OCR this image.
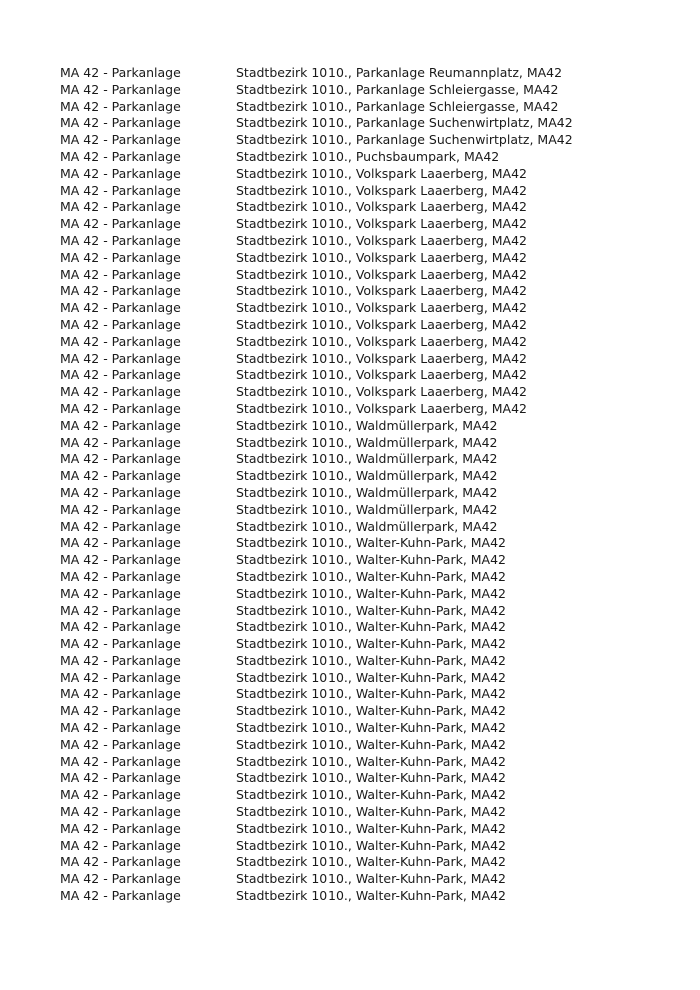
MA 42 - Parkanlage	Stadtbezirk 10 10., Parkanlage Reumannplatz, MA42
MA 42 - Parkanlage	Stadtbezirk 10 10., Parkanlage Schleiergasse, MA42
MA 42 - Parkanlage	Stadtbezirk 10 10., Parkanlage Schleiergasse, MA42
MA 42 - Parkanlage	Stadtbezirk 10 10., Parkanlage Suchenwirtplatz, MA42
MA 42 - Parkanlage	Stadtbezirk 10 10., Parkanlage Suchenwirtplatz, MA42
MA 42 - Parkanlage	Stadtbezirk 10 10., Puchsbaumpark, MA42
MA 42 - Parkanlage	Stadtbezirk 10 10., Volkspark Laaerberg, MA42
MA 42 - Parkanlage	Stadtbezirk 10 10., Volkspark Laaerberg, MA42
MA 42 - Parkanlage	Stadtbezirk 10 10., Volkspark Laaerberg, MA42
MA 42 - Parkanlage	Stadtbezirk 10 10., Volkspark Laaerberg, MA42
MA 42 - Parkanlage	Stadtbezirk 10 10., Volkspark Laaerberg, MA42
MA 42 - Parkanlage	Stadtbezirk 10 10., Volkspark Laaerberg, MA42
MA 42 - Parkanlage	Stadtbezirk 10 10., Volkspark Laaerberg, MA42
MA 42 - Parkanlage	Stadtbezirk 10 10., Volkspark Laaerberg, MA42
MA 42 - Parkanlage	Stadtbezirk 10 10., Volkspark Laaerberg, MA42
MA 42 - Parkanlage	Stadtbezirk 10 10., Volkspark Laaerberg, MA42
MA 42 - Parkanlage	Stadtbezirk 10 10., Volkspark Laaerberg, MA42
MA 42 - Parkanlage	Stadtbezirk 10 10., Volkspark Laaerberg, MA42
MA 42 - Parkanlage	Stadtbezirk 10 10., Volkspark Laaerberg, MA42
MA 42 - Parkanlage	Stadtbezirk 10 10., Volkspark Laaerberg, MA42
MA 42 - Parkanlage	Stadtbezirk 10 10., Volkspark Laaerberg, MA42
MA 42 - Parkanlage	Stadtbezirk 10 10., Waldmüllerpark, MA42
MA 42 - Parkanlage	Stadtbezirk 10 10., Waldmüllerpark, MA42
MA 42 - Parkanlage	Stadtbezirk 10 10., Waldmüllerpark, MA42
MA 42 - Parkanlage	Stadtbezirk 10 10., Waldmüllerpark, MA42
MA 42 - Parkanlage	Stadtbezirk 10 10., Waldmüllerpark, MA42
MA 42 - Parkanlage	Stadtbezirk 10 10., Waldmüllerpark, MA42
MA 42 - Parkanlage	Stadtbezirk 10 10., Waldmüllerpark, MA42
MA 42 - Parkanlage	Stadtbezirk 10 10., Walter-Kuhn-Park, MA42
MA 42 - Parkanlage	Stadtbezirk 10 10., Walter-Kuhn-Park, MA42
MA 42 - Parkanlage	Stadtbezirk 10 10., Walter-Kuhn-Park, MA42
MA 42 - Parkanlage	Stadtbezirk 10 10., Walter-Kuhn-Park, MA42
MA 42 - Parkanlage	Stadtbezirk 10 10., Walter-Kuhn-Park, MA42
MA 42 - Parkanlage	Stadtbezirk 10 10., Walter-Kuhn-Park, MA42
MA 42 - Parkanlage	Stadtbezirk 10 10., Walter-Kuhn-Park, MA42
MA 42 - Parkanlage	Stadtbezirk 10 10., Walter-Kuhn-Park, MA42
MA 42 - Parkanlage	Stadtbezirk 10 10., Walter-Kuhn-Park, MA42
MA 42 - Parkanlage	Stadtbezirk 10 10., Walter-Kuhn-Park, MA42
MA 42 - Parkanlage	Stadtbezirk 10 10., Walter-Kuhn-Park, MA42
MA 42 - Parkanlage	Stadtbezirk 10 10., Walter-Kuhn-Park, MA42
MA 42 - Parkanlage	Stadtbezirk 10 10., Walter-Kuhn-Park, MA42
MA 42 - Parkanlage	Stadtbezirk 10 10., Walter-Kuhn-Park, MA42
MA 42 - Parkanlage	Stadtbezirk 10 10., Walter-Kuhn-Park, MA42
MA 42 - Parkanlage	Stadtbezirk 10 10., Walter-Kuhn-Park, MA42
MA 42 - Parkanlage	Stadtbezirk 10 10., Walter-Kuhn-Park, MA42
MA 42 - Parkanlage	Stadtbezirk 10 10., Walter-Kuhn-Park, MA42
MA 42 - Parkanlage	Stadtbezirk 10 10., Walter-Kuhn-Park, MA42
MA 42 - Parkanlage	Stadtbezirk 10 10., Walter-Kuhn-Park, MA42
MA 42 - Parkanlage	Stadtbezirk 10 10., Walter-Kuhn-Park, MA42
MA 42 - Parkanlage	Stadtbezirk 10 10., Walter-Kuhn-Park, MA42
